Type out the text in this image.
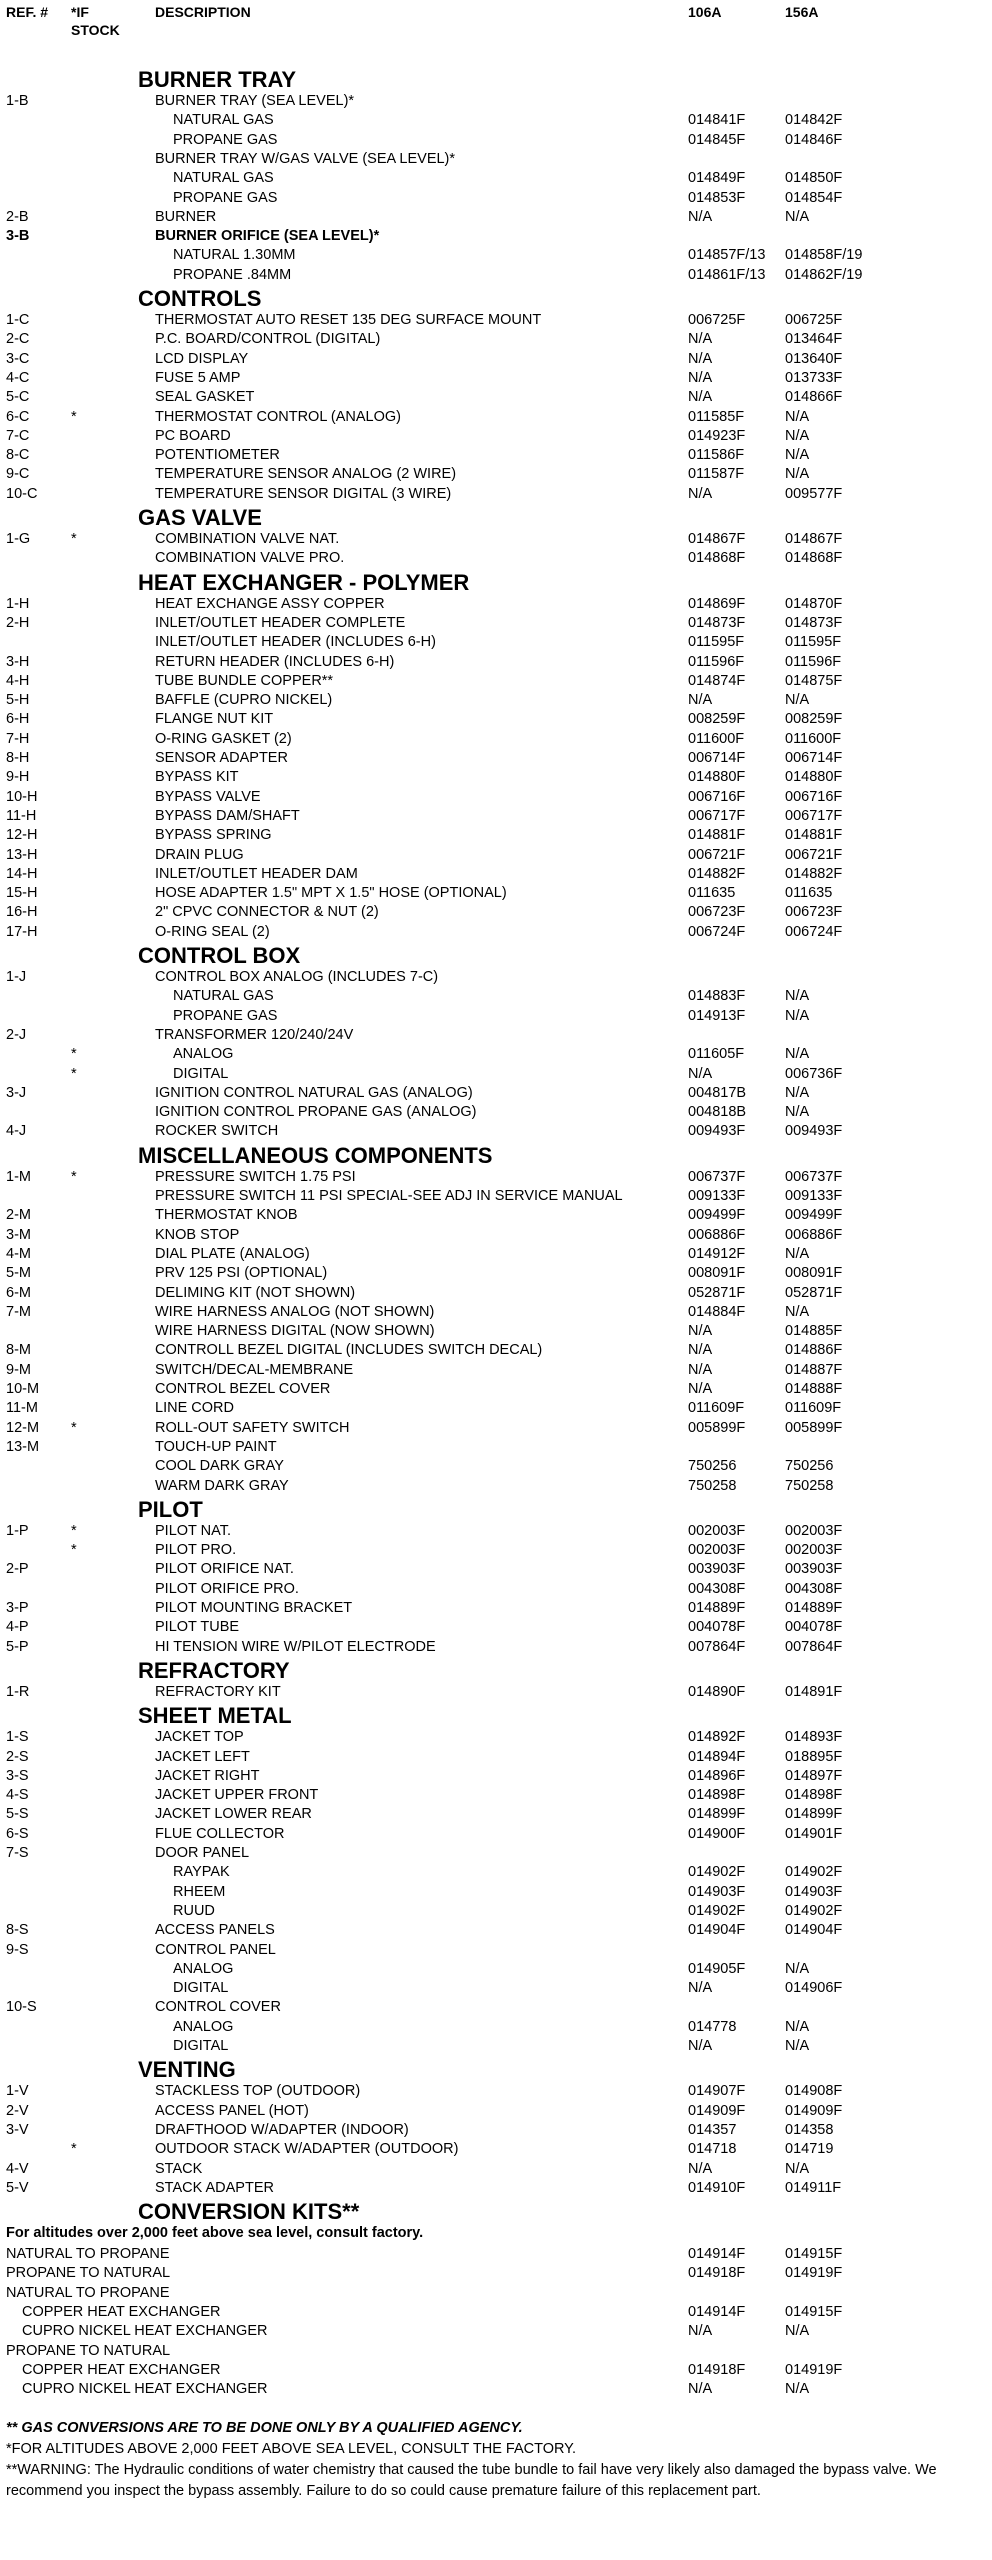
REF. # *IF
STOCK
DESCRIPTION	106A	156A
BURNER TRAY
1-B	BURNER TRAY (SEA LEVEL)*
NATURAL GAS	014841F	014842F
PROPANE GAS	014845F	014846F
BURNER TRAY W/GAS VALVE (SEA LEVEL)*
NATURAL GAS	014849F	014850F
PROPANE GAS	014853F	014854F
2-B	BURNER	N/A	N/A
3-B	BURNER ORIFICE (SEA LEVEL)*
NATURAL 1.30MM	014857F/13 014858F/19
PROPANE .84MM	014861F/13 014862F/19
CONTROLS
1-C	THERMOSTAT AUTO RESET 135 DEG SURFACE MOUNT	006725F	006725F
2-C	P.C. BOARD/CONTROL (DIGITAL)	N/A	013464F
3-C	LCD DISPLAY	N/A	013640F
4-C	FUSE 5 AMP	N/A	013733F
5-C	SEAL GASKET	N/A	014866F
6-C	*	THERMOSTAT CONTROL (ANALOG)	011585F	N/A
7-C	PC BOARD	014923F	N/A
8-C	POTENTIOMETER	011586F	N/A
9-C	TEMPERATURE SENSOR ANALOG (2 WIRE)	011587F	N/A
10-C	TEMPERATURE SENSOR DIGITAL (3 WIRE)	N/A	009577F
GAS VALVE
1-G	*	COMBINATION VALVE NAT.	014867F	014867F
COMBINATION VALVE PRO.	014868F	014868F
HEAT EXCHANGER - POLYMER
1-H	HEAT EXCHANGE ASSY COPPER	014869F	014870F
2-H	INLET/OUTLET HEADER COMPLETE	014873F	014873F
INLET/OUTLET HEADER (INCLUDES 6-H)	011595F	011595F
3-H	RETURN HEADER (INCLUDES 6-H)	011596F	011596F
4-H	TUBE BUNDLE COPPER**	014874F	014875F
5-H	BAFFLE (CUPRO NICKEL)	N/A	N/A
6-H	FLANGE NUT KIT	008259F	008259F
7-H	O-RING GASKET (2)	011600F	011600F
8-H	SENSOR ADAPTER	006714F	006714F
9-H	BYPASS KIT	014880F	014880F
10-H	BYPASS VALVE	006716F	006716F
11-H	BYPASS DAM/SHAFT	006717F	006717F
12-H	BYPASS SPRING	014881F	014881F
13-H	DRAIN PLUG	006721F	006721F
14-H	INLET/OUTLET HEADER DAM	014882F	014882F
15-H	HOSE ADAPTER 1.5" MPT X 1.5" HOSE (OPTIONAL)	011635	011635
16-H	2" CPVC CONNECTOR & NUT (2)	006723F	006723F
17-H	O-RING SEAL (2)	006724F	006724F
CONTROL BOX
1-J	CONTROL BOX ANALOG (INCLUDES 7-C)
NATURAL GAS	014883F	N/A
PROPANE GAS	014913F	N/A
2-J	TRANSFORMER 120/240/24V
*	ANALOG	011605F	N/A
*	DIGITAL	N/A	006736F
3-J	IGNITION CONTROL NATURAL GAS (ANALOG)	004817B	N/A
IGNITION CONTROL PROPANE GAS (ANALOG)	004818B	N/A
4-J	ROCKER SWITCH	009493F	009493F
MISCELLANEOUS COMPONENTS
1-M	*	PRESSURE SWITCH 1.75 PSI	006737F	006737F
PRESSURE SWITCH 11 PSI SPECIAL-SEE ADJ IN SERVICE MANUAL	009133F	009133F
2-M	THERMOSTAT KNOB	009499F	009499F
3-M	KNOB STOP	006886F	006886F
4-M	DIAL PLATE (ANALOG)	014912F	N/A
5-M	PRV 125 PSI (OPTIONAL)	008091F	008091F
6-M	DELIMING KIT (NOT SHOWN)	052871F	052871F
7-M	WIRE HARNESS ANALOG (NOT SHOWN)	014884F	N/A
WIRE HARNESS DIGITAL (NOW SHOWN)	N/A	014885F
8-M	CONTROLL BEZEL DIGITAL (INCLUDES SWITCH DECAL)	N/A	014886F
9-M	SWITCH/DECAL-MEMBRANE	N/A	014887F
10-M	CONTROL BEZEL COVER	N/A	014888F
11-M	LINE CORD	011609F	011609F
12-M *	ROLL-OUT SAFETY SWITCH	005899F	005899F
13-M	TOUCH-UP PAINT
COOL DARK GRAY	750256	750256
WARM DARK GRAY	750258	750258
PILOT
1-P	*	PILOT NAT.	002003F	002003F
*	PILOT PRO.	002003F	002003F
2-P	PILOT ORIFICE NAT.	003903F	003903F
PILOT ORIFICE PRO.	004308F	004308F
3-P	PILOT MOUNTING BRACKET	014889F	014889F
4-P	PILOT TUBE	004078F	004078F
5-P	HI TENSION WIRE W/PILOT ELECTRODE	007864F	007864F
REFRACTORY
1-R	REFRACTORY KIT	014890F	014891F
SHEET METAL
1-S	JACKET TOP	014892F	014893F
2-S	JACKET LEFT	014894F	018895F
3-S	JACKET RIGHT	014896F	014897F
4-S	JACKET UPPER FRONT	014898F	014898F
5-S	JACKET LOWER REAR	014899F	014899F
6-S	FLUE COLLECTOR	014900F	014901F
7-S	DOOR PANEL
RAYPAK	014902F	014902F
RHEEM	014903F	014903F
RUUD	014902F	014902F
8-S	ACCESS PANELS	014904F	014904F
9-S	CONTROL PANEL
ANALOG	014905F	N/A
DIGITAL	N/A	014906F
10-S	CONTROL COVER
ANALOG	014778	N/A
DIGITAL	N/A	N/A
VENTING
1-V	STACKLESS TOP (OUTDOOR)	014907F	014908F
2-V	ACCESS PANEL (HOT)	014909F	014909F
3-V	DRAFTHOOD W/ADAPTER (INDOOR)	014357	014358
*	OUTDOOR STACK W/ADAPTER (OUTDOOR)	014718	014719
4-V	STACK	N/A	N/A
5-V	STACK ADAPTER	014910F	014911F
CONVERSION KITS**
For altitudes over 2,000 feet above sea level, consult factory.
NATURAL TO PROPANE	014914F	014915F
PROPANE TO NATURAL	014918F	014919F
NATURAL TO PROPANE
COPPER HEAT EXCHANGER	014914F	014915F
CUPRO NICKEL HEAT EXCHANGER	N/A	N/A
PROPANE TO NATURAL
COPPER HEAT EXCHANGER	014918F	014919F
CUPRO NICKEL HEAT EXCHANGER	N/A	N/A
** GAS CONVERSIONS ARE TO BE DONE ONLY BY A QUALIFIED AGENCY.
*FOR ALTITUDES ABOVE 2,000 FEET ABOVE SEA LEVEL, CONSULT THE FACTORY.
**WARNING: The Hydraulic conditions of water chemistry that caused the tube bundle to fail have very likely also damaged the bypass valve. We recommend you inspect the bypass assembly. Failure to do so could cause premature failure of this replacement part.
